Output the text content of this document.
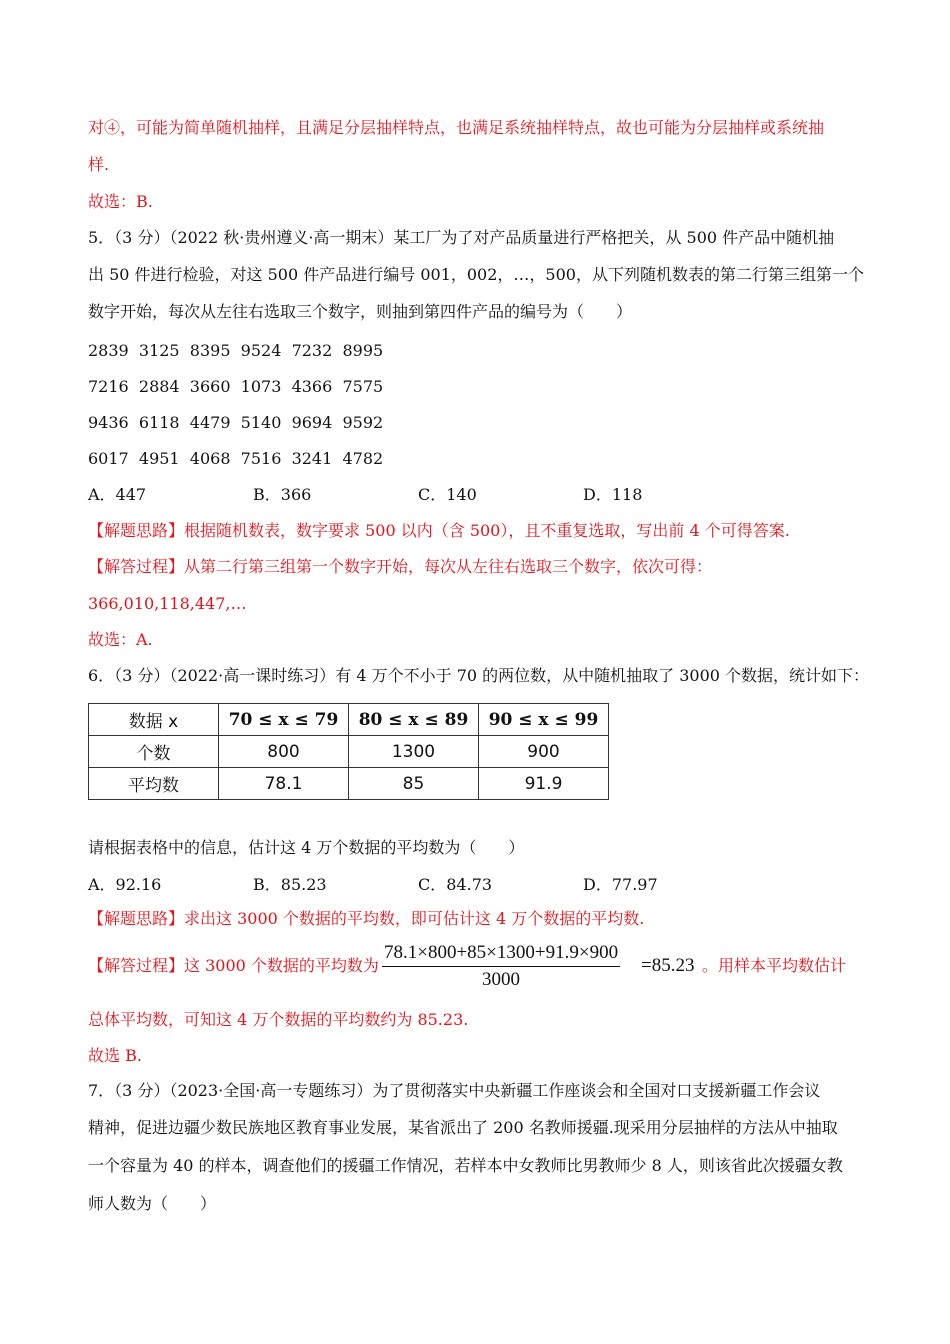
对④，可能为简单随机抽样，且满足分层抽样特点，也满足系统抽样特点，故也可能为分层抽样或系统抽
样.
故选：B.
5．（3 分）（2022 秋·贵州遵义·高一期末）某工厂为了对产品质量进行严格把关，从 500 件产品中随机抽
出 50 件进行检验，对这 500 件产品进行编号 001，002，…，500，从下列随机数表的第二行第三组第一个
数字开始，每次从左往右选取三个数字，则抽到第四件产品的编号为（　　）
2839  3125  8395  9524  7232  8995
7216  2884  3660  1073  4366  7575
9436  6118  4479  5140  9694  9592
6017  4951  4068  7516  3241  4782
A．447	B．366	C．140	D．118
【解题思路】根据随机数表，数字要求 500 以内（含 500），且不重复选取，写出前 4 个可得答案.
【解答过程】从第二行第三组第一个数字开始，每次从左往右选取三个数字，依次可得：
366,010,118,447,…
故选：A.
6．（3 分）（2022·高一课时练习）有 4 万个不小于 70 的两位数，从中随机抽取了 3000 个数据，统计如下：
数据 x	70 ≤ x ≤ 79	80 ≤ x ≤ 89	90 ≤ x ≤ 99
个数	800	1300	900
平均数	78.1	85	91.9
请根据表格中的信息，估计这 4 万个数据的平均数为（　　）
A．92.16	B．85.23	C．84.73	D．77.97
【解题思路】求出这 3000 个数据的平均数，即可估计这 4 万个数据的平均数.
【解答过程】这 3000 个数据的平均数为
78.1×800+85×1300+91.9×900
3000
=85.23 。用样本平均数估计
总体平均数，可知这 4 万个数据的平均数约为 85.23.
故选 B.
7．（3 分）（2023·全国·高一专题练习）为了贯彻落实中央新疆工作座谈会和全国对口支援新疆工作会议
精神，促进边疆少数民族地区教育事业发展，某省派出了 200 名教师援疆.现采用分层抽样的方法从中抽取
一个容量为 40 的样本，调查他们的援疆工作情况，若样本中女教师比男教师少 8 人，则该省此次援疆女教
师人数为（　　）
